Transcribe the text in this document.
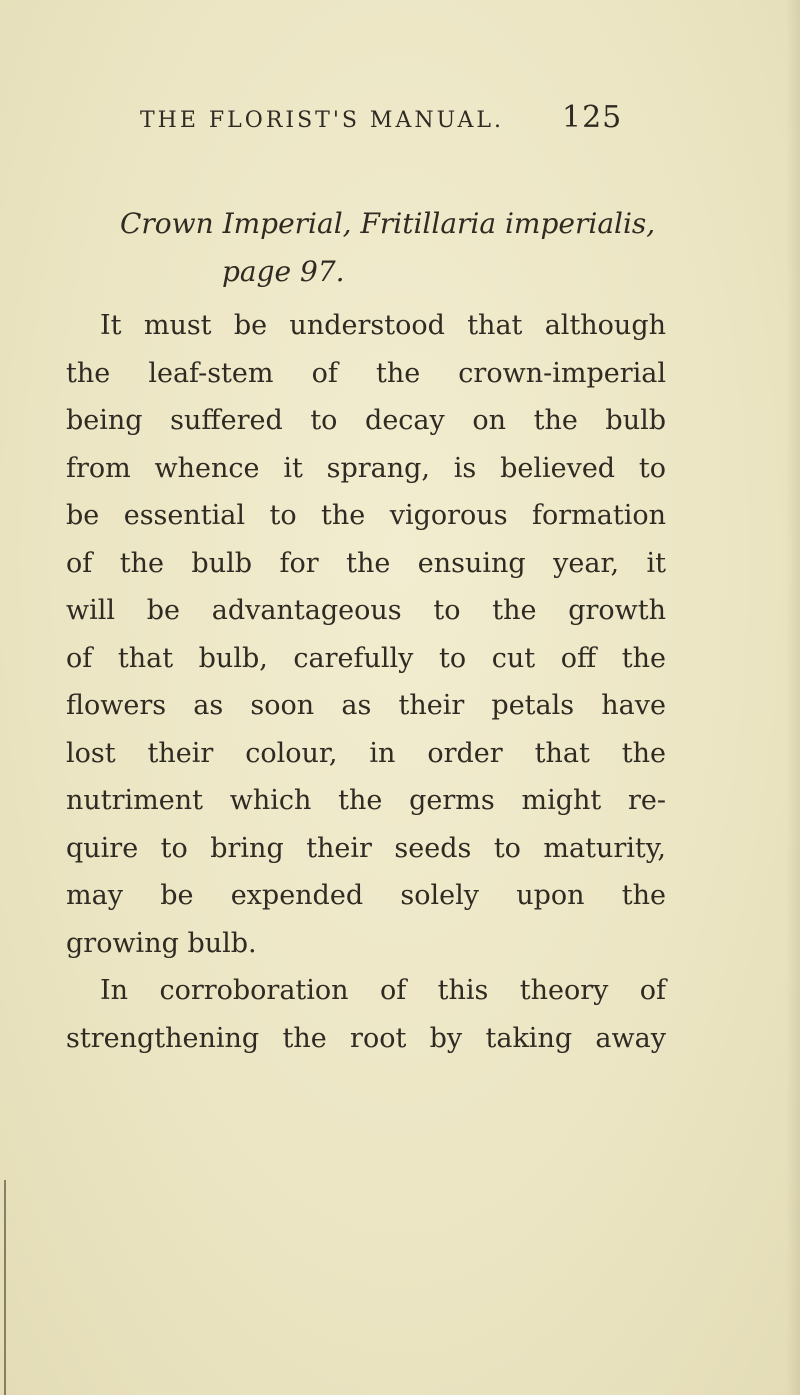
THE FLORIST'S MANUAL.	125
Crown Imperial, Fritillaria imperialis,
page 97.
It must be understood that although
the leaf-stem of the crown-imperial
being suffered to decay on the bulb
from whence it sprang, is believed to
be essential to the vigorous formation
of the bulb for the ensuing year, it
will be advantageous to the growth
of that bulb, carefully to cut off the
flowers as soon as their petals have
lost their colour, in order that the
nutriment which the germs might re-
quire to bring their seeds to maturity,
may be expended solely upon the
growing bulb.
In corroboration of this theory of
strengthening the root by taking away
